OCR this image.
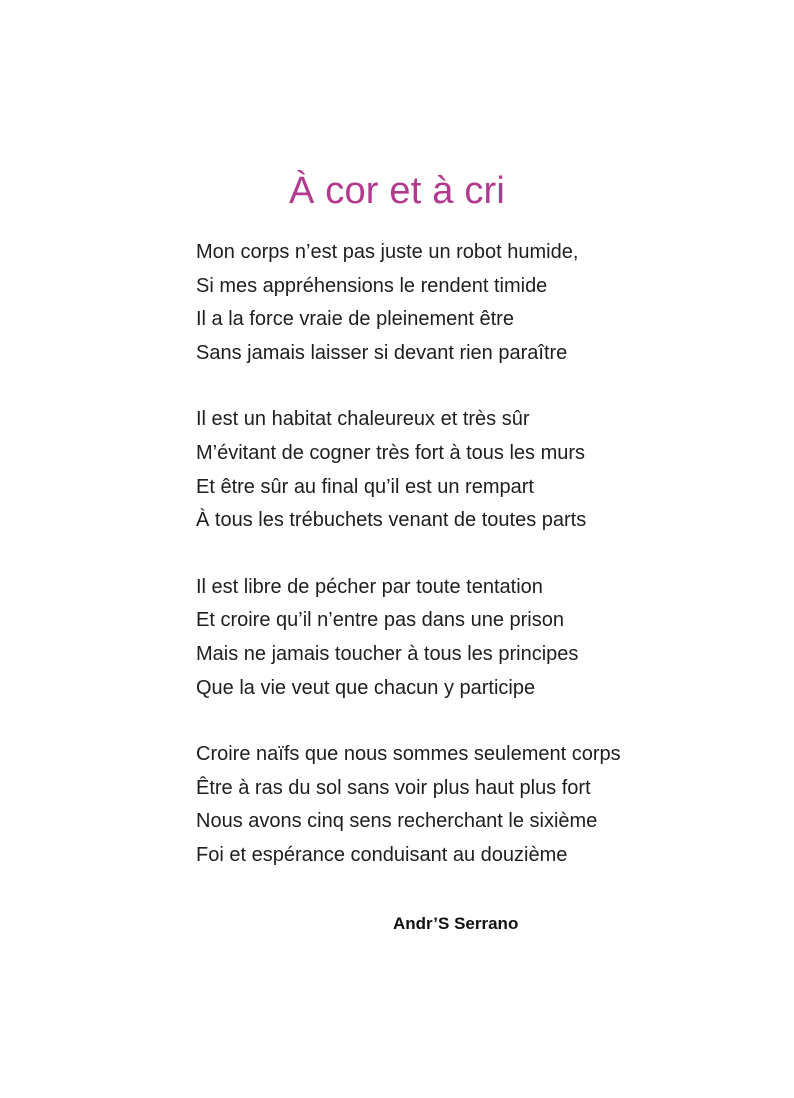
À cor et à cri
Mon corps n’est pas juste un robot humide,
Si mes appréhensions le rendent timide
Il a la force vraie de pleinement être
Sans jamais laisser si devant rien paraître
Il est un habitat chaleureux et très sûr
M’évitant de cogner très fort à tous les murs
Et être sûr au final qu’il est un rempart
À tous les trébuchets venant de toutes parts
Il est libre de pécher par toute tentation
Et croire qu’il n’entre pas dans une prison
Mais ne jamais toucher à tous les principes
Que la vie veut que chacun y participe
Croire naïfs que nous sommes seulement corps
Être à ras du sol sans voir plus haut plus fort
Nous avons cinq sens recherchant le sixième
Foi et espérance conduisant au douzième
Andr’S Serrano
